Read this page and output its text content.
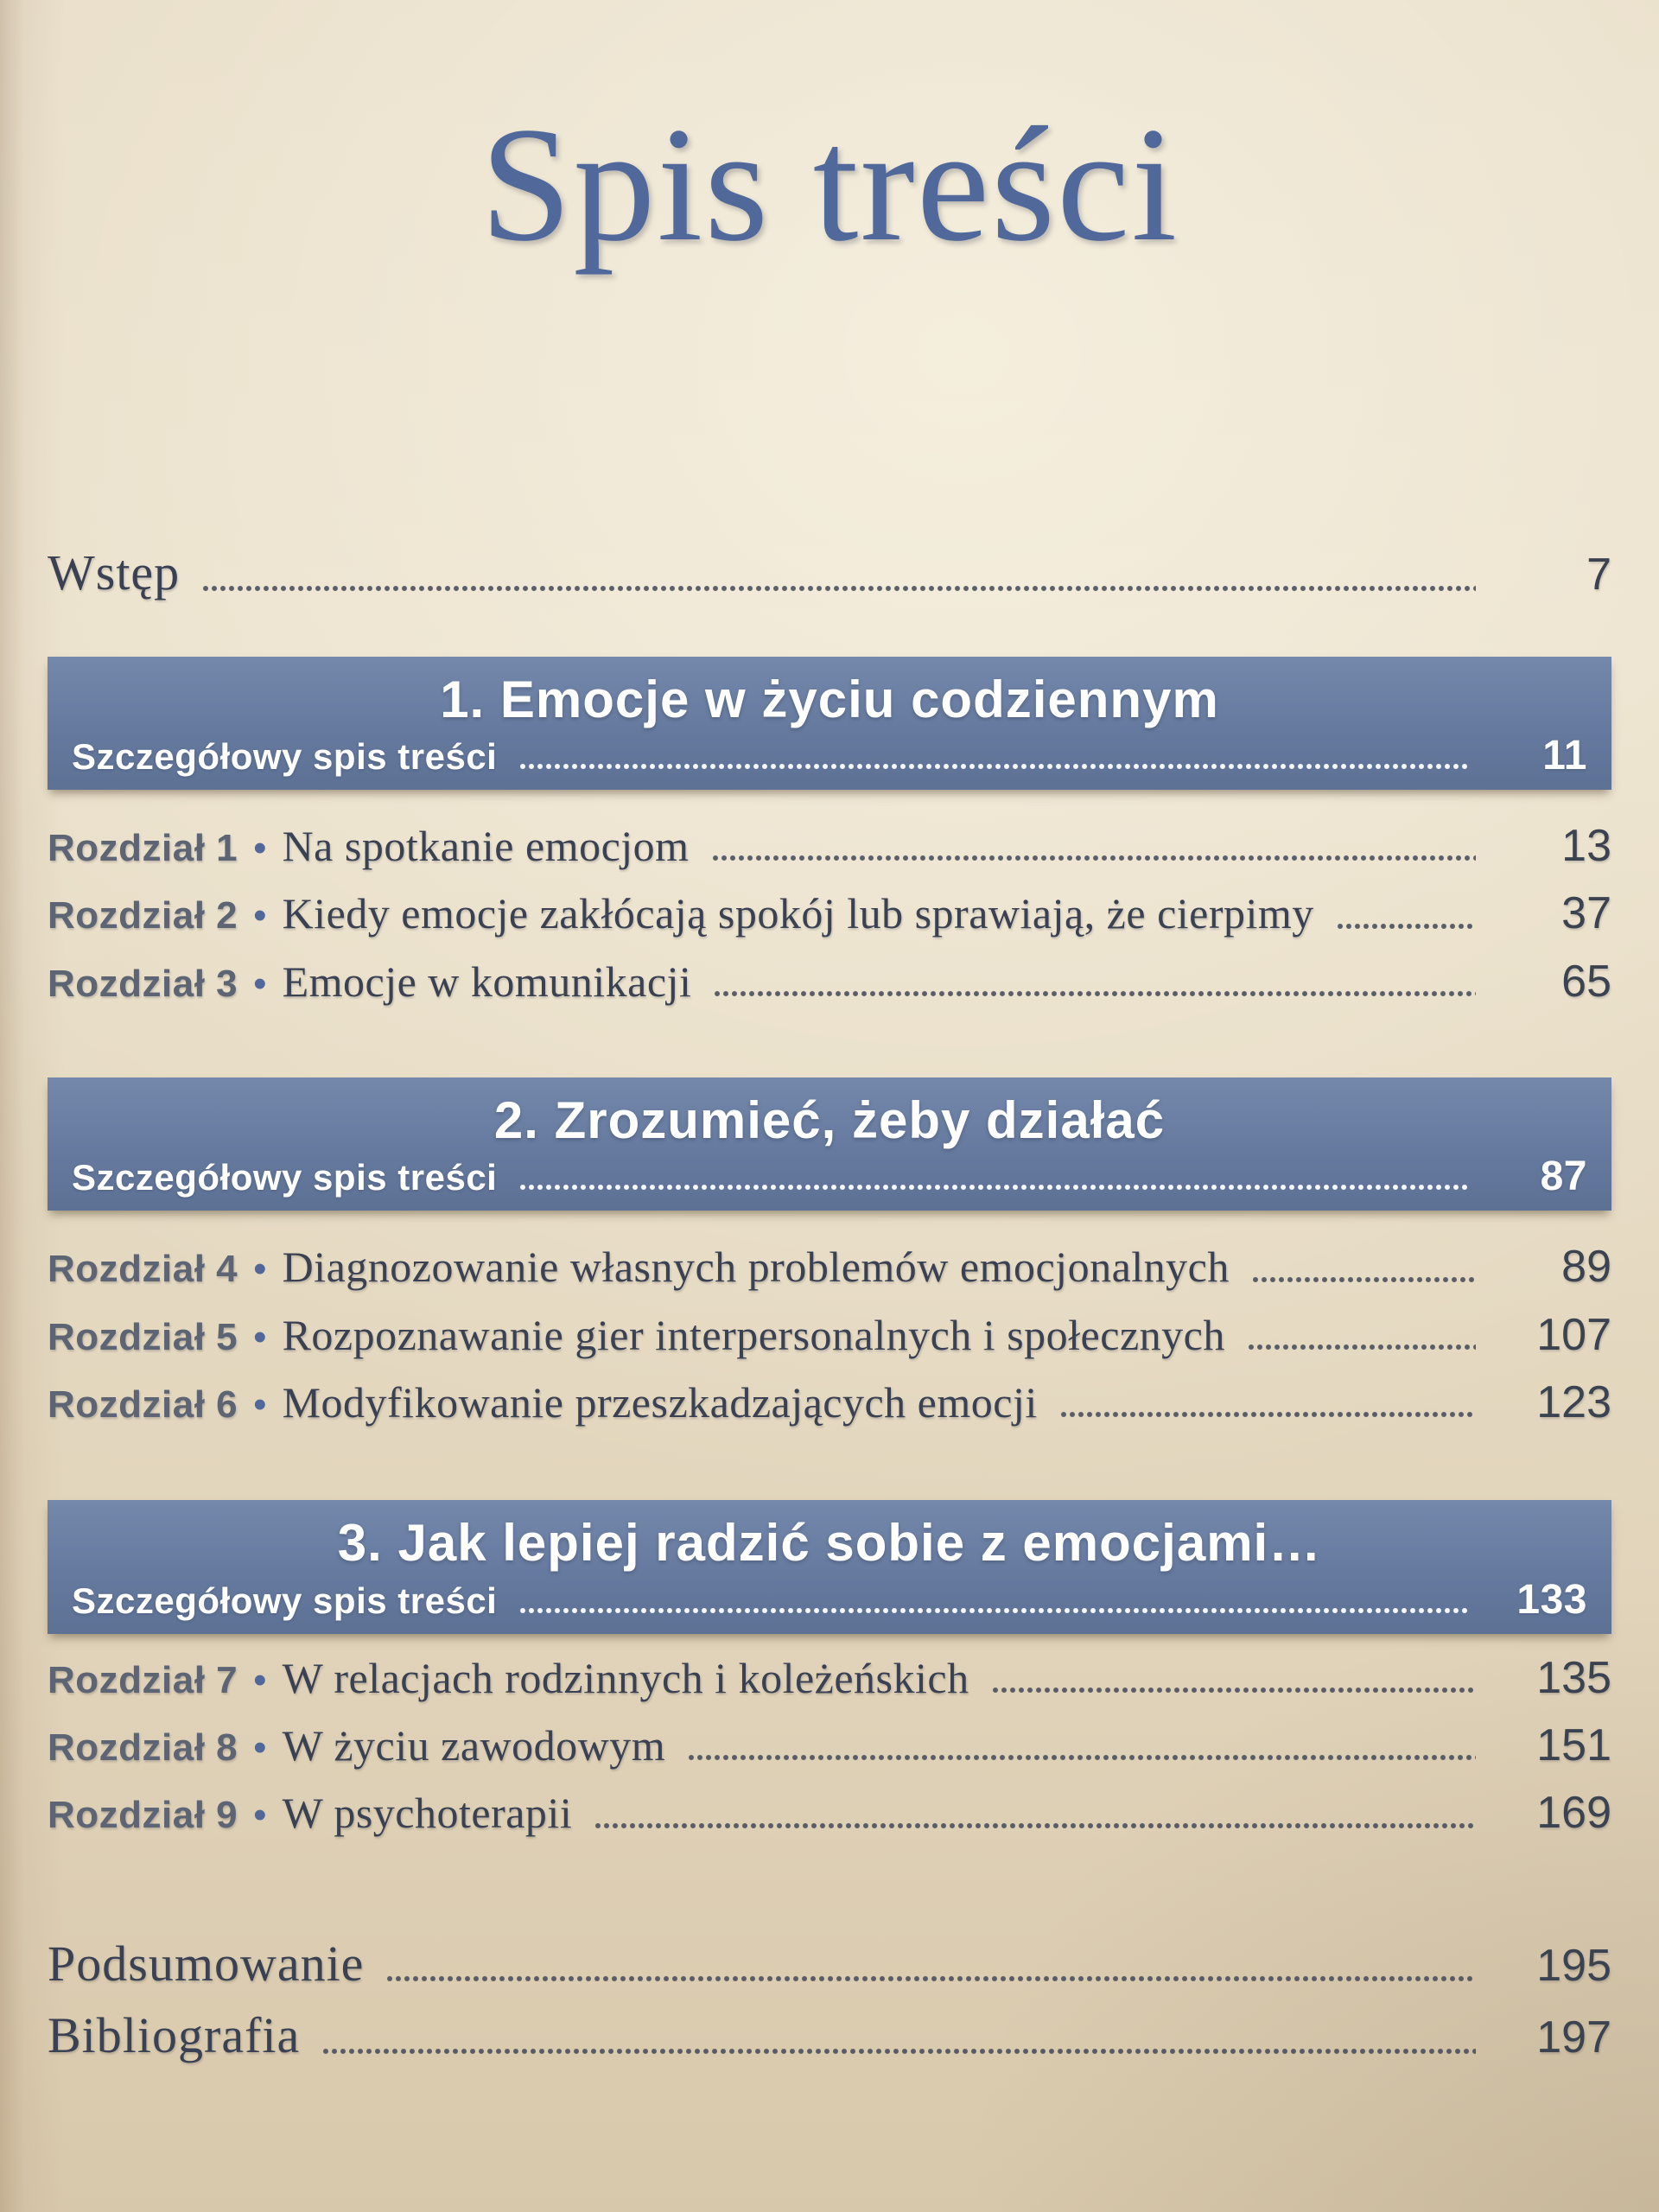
Spis treści
Wstęp	7
1. Emocje w życiu codziennym
Szczegółowy spis treści	11
Rozdział 1 • Na spotkanie emocjom	13
Rozdział 2 • Kiedy emocje zakłócają spokój lub sprawiają, że cierpimy	37
Rozdział 3 • Emocje w komunikacji	65
2. Zrozumieć, żeby działać
Szczegółowy spis treści	87
Rozdział 4 • Diagnozowanie własnych problemów emocjonalnych	89
Rozdział 5 • Rozpoznawanie gier interpersonalnych i społecznych	107
Rozdział 6 • Modyfikowanie przeszkadzających emocji	123
3. Jak lepiej radzić sobie z emocjami…
Szczegółowy spis treści	133
Rozdział 7 • W relacjach rodzinnych i koleżeńskich	135
Rozdział 8 • W życiu zawodowym	151
Rozdział 9 • W psychoterapii	169
Podsumowanie	195
Bibliografia	197
